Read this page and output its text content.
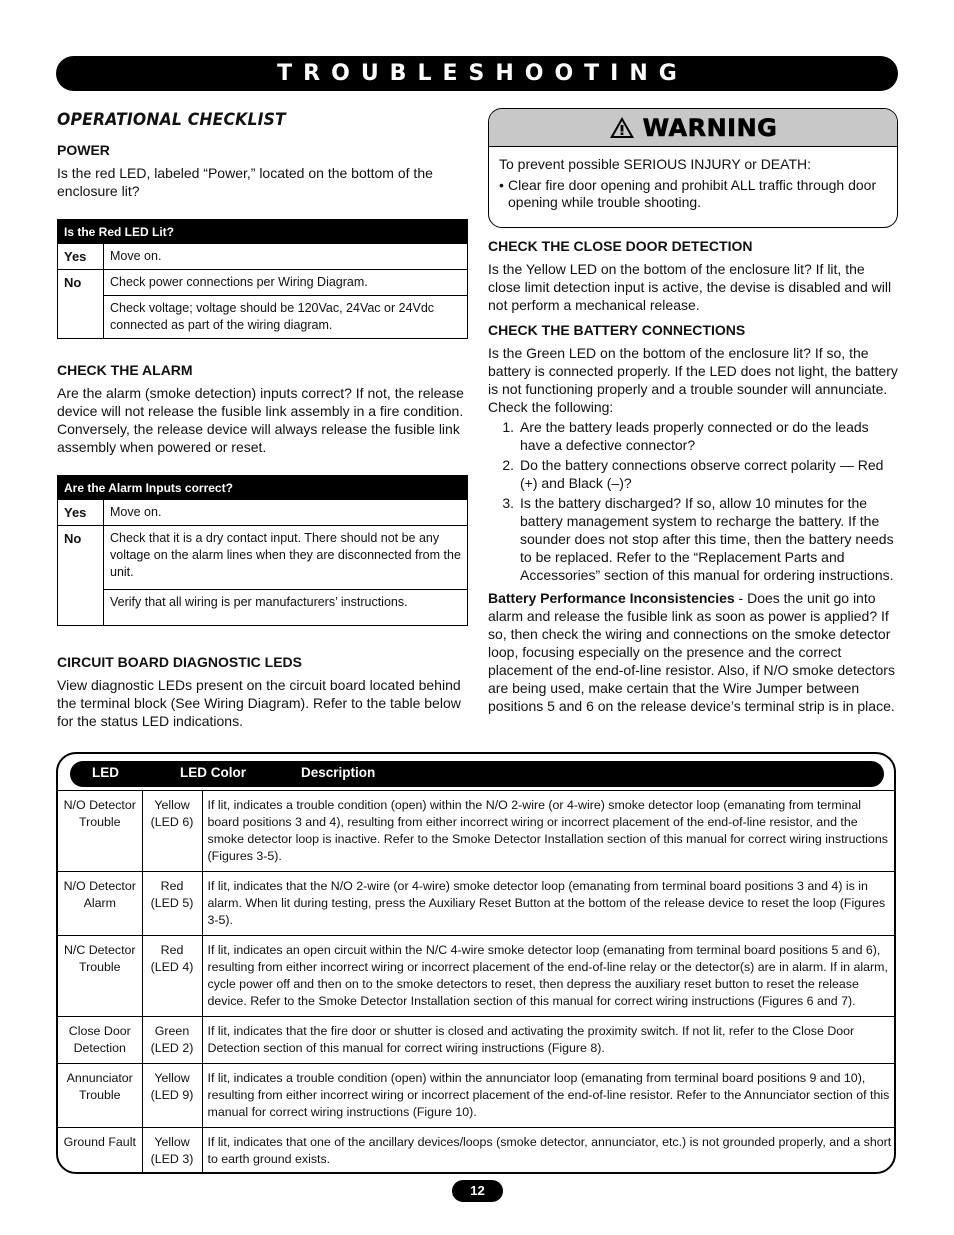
TROUBLESHOOTING
OPERATIONAL CHECKLIST
POWER
Is the red LED, labeled “Power,” located on the bottom of the enclosure lit?
Is the Red LED Lit?	
Yes	Move on.
No	Check power connections per Wiring Diagram.
	Check voltage; voltage should be 120Vac, 24Vac or 24Vdc connected as part of the wiring diagram.
CHECK THE ALARM
Are the alarm (smoke detection) inputs correct? If not, the release device will not release the fusible link assembly in a fire condition. Conversely, the release device will always release the fusible link assembly when powered or reset.
Are the Alarm Inputs correct?	
Yes	Move on.
No	Check that it is a dry contact input. There should not be any voltage on the alarm lines when they are disconnected from the unit.
	Verify that all wiring is per manufacturers’ instructions.
CIRCUIT BOARD DIAGNOSTIC LEDS
View diagnostic LEDs present on the circuit board located behind the terminal block (See Wiring Diagram). Refer to the table below for the status LED indications.
WARNING
To prevent possible SERIOUS INJURY or DEATH:
• Clear fire door opening and prohibit ALL traffic through door opening while trouble shooting.
CHECK THE CLOSE DOOR DETECTION
Is the Yellow LED on the bottom of the enclosure lit? If lit, the close limit detection input is active, the devise is disabled and will not perform a mechanical release.
CHECK THE BATTERY CONNECTIONS
Is the Green LED on the bottom of the enclosure lit? If so, the battery is connected properly. If the LED does not light, the battery is not functioning properly and a trouble sounder will annunciate. Check the following:
1. Are the battery leads properly connected or do the leads have a defective connector?
2. Do the battery connections observe correct polarity — Red (+) and Black (–)?
3. Is the battery discharged? If so, allow 10 minutes for the battery management system to recharge the battery. If the sounder does not stop after this time, then the battery needs to be replaced. Refer to the “Replacement Parts and Accessories” section of this manual for ordering instructions.
Battery Performance Inconsistencies - Does the unit go into alarm and release the fusible link as soon as power is applied? If so, then check the wiring and connections on the smoke detector loop, focusing especially on the presence and the correct placement of the end-of-line resistor. Also, if N/O smoke detectors are being used, make certain that the Wire Jumper between positions 5 and 6 on the release device’s terminal strip is in place.
LED	LED Color	Description
N/O Detector Trouble	Yellow (LED 6)	If lit, indicates a trouble condition (open) within the N/O 2-wire (or 4-wire) smoke detector loop (emanating from terminal board positions 3 and 4), resulting from either incorrect wiring or incorrect placement of the end-of-line resistor, and the smoke detector loop is inactive. Refer to the Smoke Detector Installation section of this manual for correct wiring instructions (Figures 3-5).
N/O Detector Alarm	Red (LED 5)	If lit, indicates that the N/O 2-wire (or 4-wire) smoke detector loop (emanating from terminal board positions 3 and 4) is in alarm. When lit during testing, press the Auxiliary Reset Button at the bottom of the release device to reset the loop (Figures 3-5).
N/C Detector Trouble	Red (LED 4)	If lit, indicates an open circuit within the N/C 4-wire smoke detector loop (emanating from terminal board positions 5 and 6), resulting from either incorrect wiring or incorrect placement of the end-of-line relay or the detector(s) are in alarm. If in alarm, cycle power off and then on to the smoke detectors to reset, then depress the auxiliary reset button to reset the release device. Refer to the Smoke Detector Installation section of this manual for correct wiring instructions (Figures 6 and 7).
Close Door Detection	Green (LED 2)	If lit, indicates that the fire door or shutter is closed and activating the proximity switch. If not lit, refer to the Close Door Detection section of this manual for correct wiring instructions (Figure 8).
Annunciator Trouble	Yellow (LED 9)	If lit, indicates a trouble condition (open) within the annunciator loop (emanating from terminal board positions 9 and 10), resulting from either incorrect wiring or incorrect placement of the end-of-line resistor. Refer to the Annunciator section of this manual for correct wiring instructions (Figure 10).
Ground Fault	Yellow (LED 3)	If lit, indicates that one of the ancillary devices/loops (smoke detector, annunciator, etc.) is not grounded properly, and a short to earth ground exists.
12
